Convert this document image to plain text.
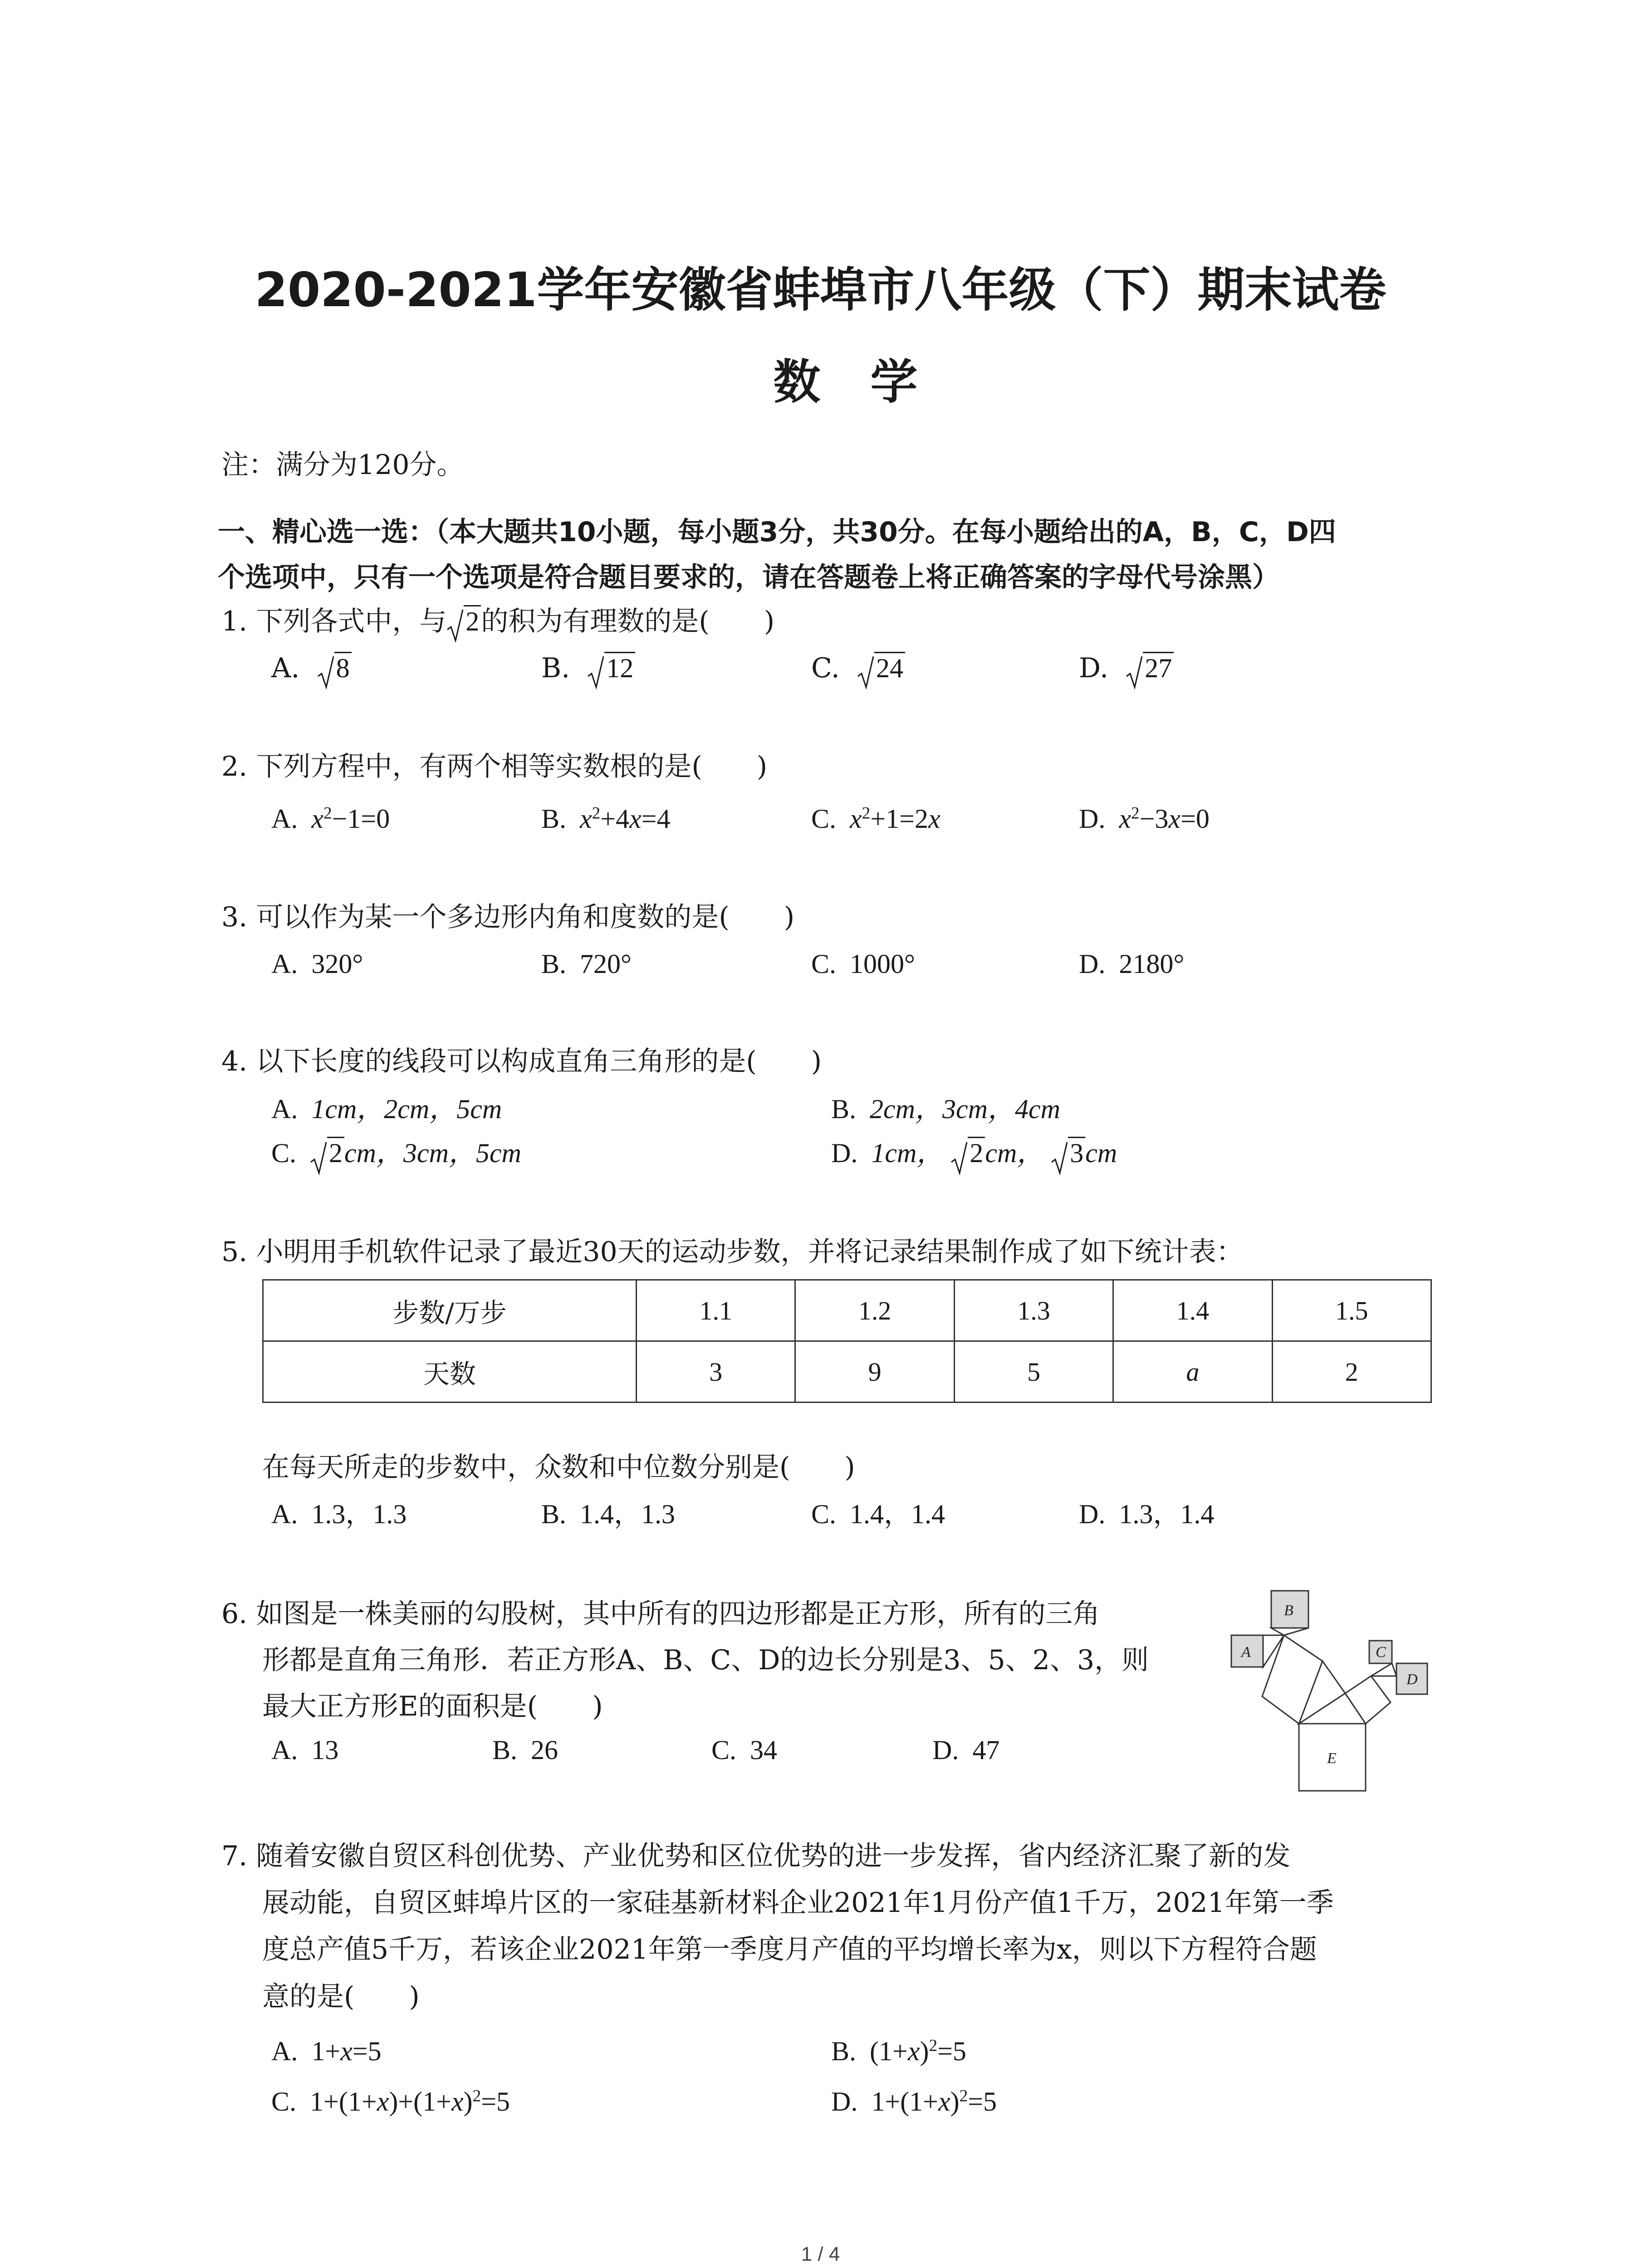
2020-2021学年安徽省蚌埠市八年级（下）期末试卷
数学
注：满分为120分。
一、精心选一选：（本大题共10小题，每小题3分，共30分。在每小题给出的A，B，C，D四
个选项中，只有一个选项是符合题目要求的，请在答题卷上将正确答案的字母代号涂黑）
1. 下列各式中，与 2的积为有理数的是(　　)
A. 8	B. 12	C. 24	D. 27
2. 下列方程中，有两个相等实数根的是(　　)
A. $x^2-1=0$	B. $x^2+4x=4$	C. $x^2+1=2x$	D. $x^2-3x=0$
3. 可以作为某一个多边形内角和度数的是(　　)
A. 320°	B. 720°	C. 1000°	D. 2180°
4. 以下长度的线段可以构成直角三角形的是(　　)
A. 1cm，2cm，5cm	B. 2cm，3cm，4cm
C. 2cm，3cm，5cm	D. 1cm， 2cm， 3cm
5. 小明用手机软件记录了最近30天的运动步数，并将记录结果制作成了如下统计表：
步数/万步	1.1	1.2	1.3	1.4	1.5
天数	3	9	5	a	2
在每天所走的步数中，众数和中位数分别是(　　)
A. 1.3，1.3	B. 1.4，1.3	C. 1.4，1.4	D. 1.3，1.4
6. 如图是一株美丽的勾股树，其中所有的四边形都是正方形，所有的三角
形都是直角三角形．若正方形A、B、C、D的边长分别是3、5、2、3，则
最大正方形E的面积是(　　)
A. 13	B. 26	C. 34	D. 47
B
A	C
D
E
7. 随着安徽自贸区科创优势、产业优势和区位优势的进一步发挥，省内经济汇聚了新的发
展动能，自贸区蚌埠片区的一家硅基新材料企业2021年1月份产值1千万，2021年第一季
度总产值5千万，若该企业2021年第一季度月产值的平均增长率为x，则以下方程符合题
意的是(　　)
A. 1+x=5	B. $(1+x)^2=5$
C. $1+(1+x)+(1+x)^2=5$	D. $1+(1+x)^2=5$
1 / 4
